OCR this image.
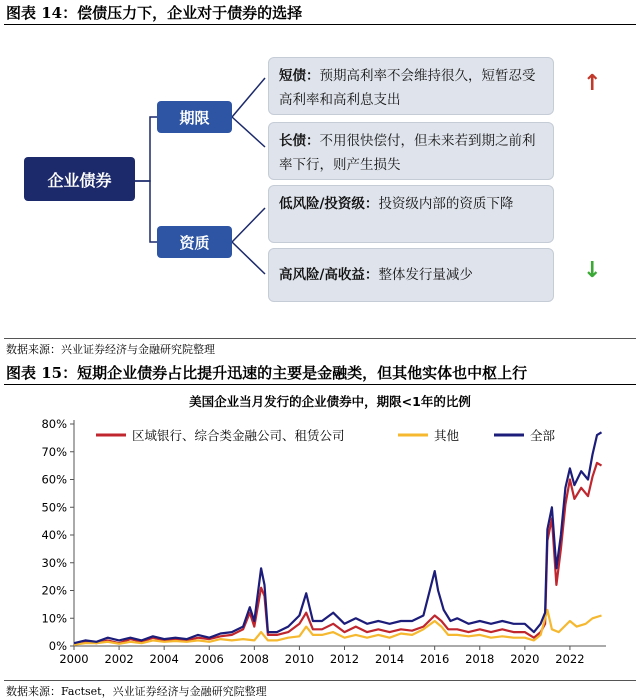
图表 14：偿债压力下，企业对于债券的选择
企业债券
期限
资质
短债：预期高利率不会维持很久，短暂忍受高利率和高利息支出
长债：不用很快偿付，但未来若到期之前利率下行，则产生损失
低风险/投资级：投资级内部的资质下降
高风险/高收益：整体发行量减少
↑
↓
数据来源：兴业证券经济与金融研究院整理
图表 15：短期企业债券占比提升迅速的主要是金融类，但其他实体也中枢上行
美国企业当月发行的企业债券中，期限<1年的比例
区域银行、综合类金融公司、租赁公司	其他	全部
0%
10%
20%
30%
40%
50%
60%
70%
80%
2000 2002 2004 2006 2008 2010 2012 2014 2016 2018 2020 2022
数据来源：Factset，兴业证券经济与金融研究院整理
